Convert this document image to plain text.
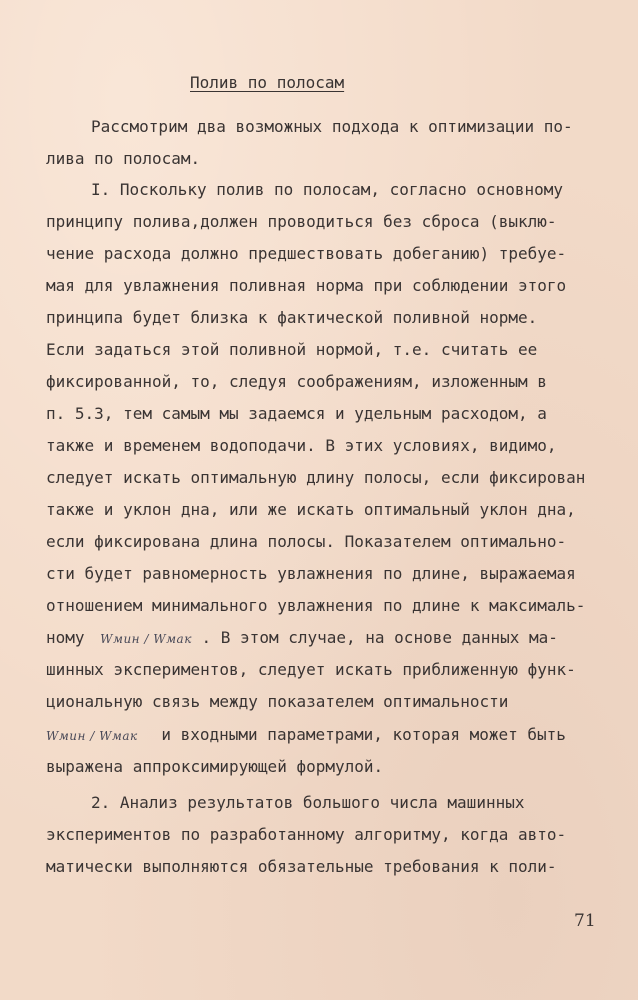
Полив по полосам
Рассмотрим два возможных подхода к оптимизации по-
лива по полосам.
I. Поскольку полив по полосам, согласно основному
принципу полива,должен проводиться без сброса (выклю-
чение расхода должно предшествовать добеганию) требуе-
мая для увлажнения поливная норма при соблюдении этого
принципа будет близка к фактической поливной норме.
Если задаться этой поливной нормой, т.е. считать ее
фиксированной, то, следуя соображениям, изложенным в
п. 5.3, тем самым мы задаемся и удельным расходом, а
также и временем водоподачи. В этих условиях, видимо,
следует искать оптимальную длину полосы, если фиксирован
также и уклон дна, или же искать оптимальный уклон дна,
если фиксирована длина полосы. Показателем оптимально-
сти будет равномерность увлажнения по длине, выражаемая
отношением минимального увлажнения по длине к максималь-
ному Wмин / Wмак . В этом случае, на основе данных ма-
шинных экспериментов, следует искать приближенную функ-
циональную связь между показателем оптимальности
Wмин / Wмак и входными параметрами, которая может быть
выражена аппроксимирующей формулой.
2. Анализ результатов большого числа машинных
экспериментов по разработанному алгоритму, когда авто-
матически выполняются обязательные требования к поли-
71
